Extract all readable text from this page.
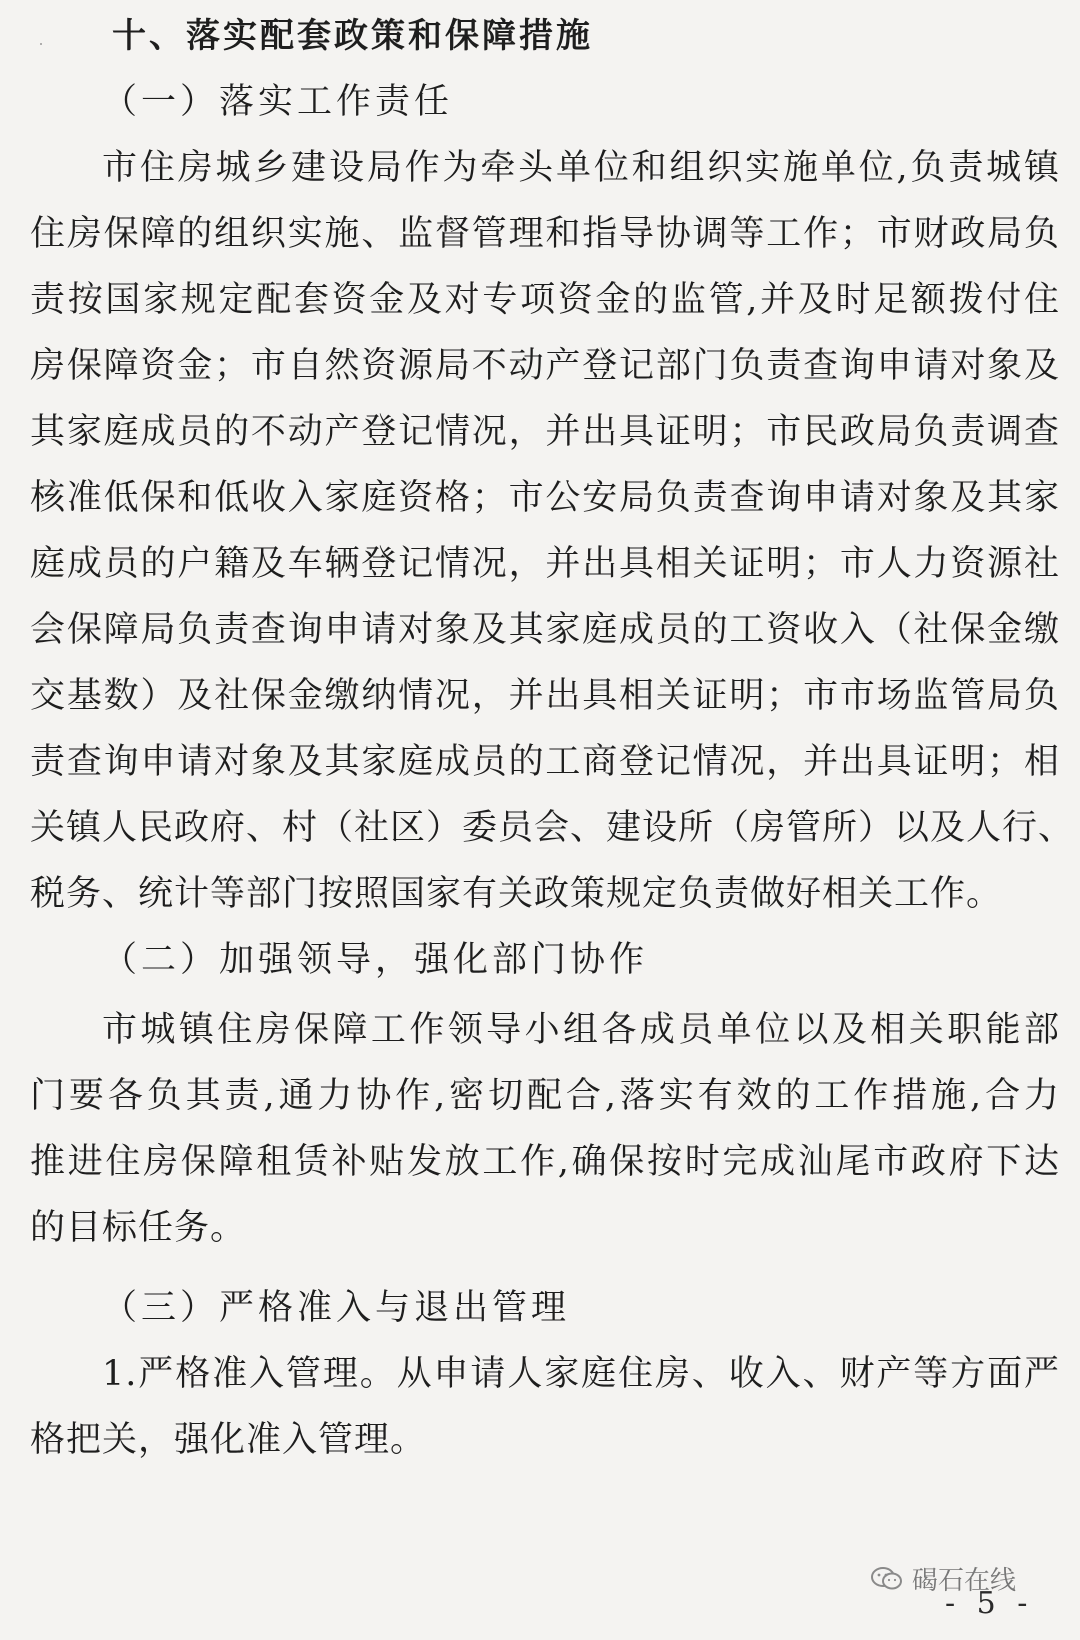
十、落实配套政策和保障措施
（一）落实工作责任
市住房城乡建设局作为牵头单位和组织实施单位,负责城镇
住房保障的组织实施、监督管理和指导协调等工作；市财政局负
责按国家规定配套资金及对专项资金的监管,并及时足额拨付住
房保障资金；市自然资源局不动产登记部门负责查询申请对象及
其家庭成员的不动产登记情况，并出具证明；市民政局负责调查
核准低保和低收入家庭资格；市公安局负责查询申请对象及其家
庭成员的户籍及车辆登记情况，并出具相关证明；市人力资源社
会保障局负责查询申请对象及其家庭成员的工资收入（社保金缴
交基数）及社保金缴纳情况，并出具相关证明；市市场监管局负
责查询申请对象及其家庭成员的工商登记情况，并出具证明；相
关镇人民政府、村（社区）委员会、建设所（房管所）以及人行、
税务、统计等部门按照国家有关政策规定负责做好相关工作。
（二）加强领导，强化部门协作
市城镇住房保障工作领导小组各成员单位以及相关职能部
门要各负其责,通力协作,密切配合,落实有效的工作措施,合力
推进住房保障租赁补贴发放工作,确保按时完成汕尾市政府下达
的目标任务。
（三）严格准入与退出管理
1.严格准入管理。从申请人家庭住房、收入、财产等方面严
格把关，强化准入管理。
碣石在线
- 5 -
